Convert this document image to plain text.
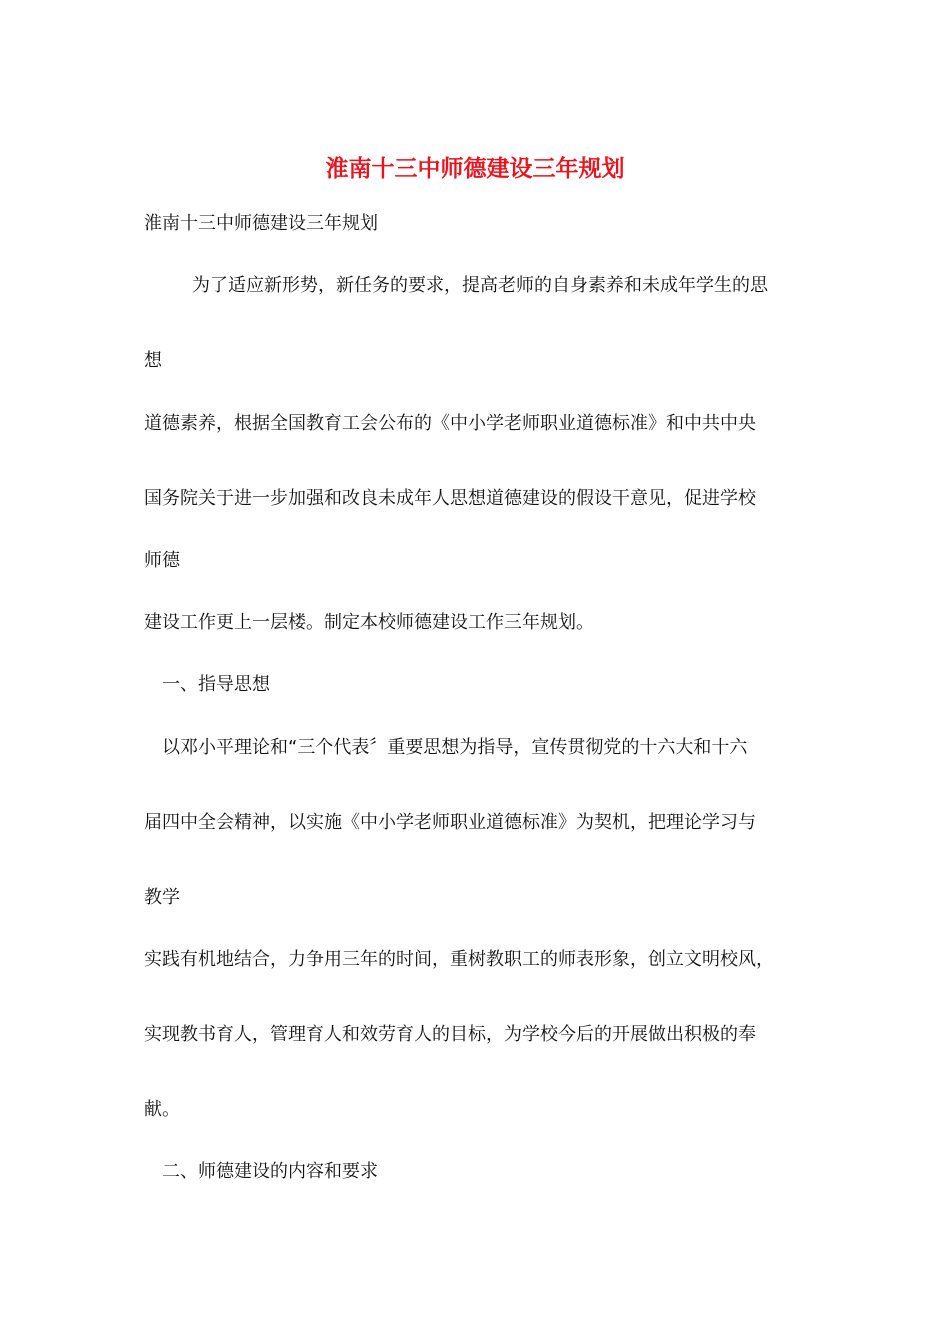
淮南十三中师德建设三年规划
淮南十三中师德建设三年规划
为了适应新形势，新任务的要求，提高老师的自身素养和未成年学生的思
想
道德素养，根据全国教育工会公布的《中小学老师职业道德标准》和中共中央
国务院关于进一步加强和改良未成年人思想道德建设的假设干意见，促进学校
师德
建设工作更上一层楼。制定本校师德建设工作三年规划。
一、指导思想
以邓小平理论和“三个代表〞重要思想为指导，宣传贯彻党的十六大和十六
届四中全会精神，以实施《中小学老师职业道德标准》为契机，把理论学习与
教学
实践有机地结合，力争用三年的时间，重树教职工的师表形象，创立文明校风，
实现教书育人，管理育人和效劳育人的目标，为学校今后的开展做出积极的奉
献。
二、师德建设的内容和要求
